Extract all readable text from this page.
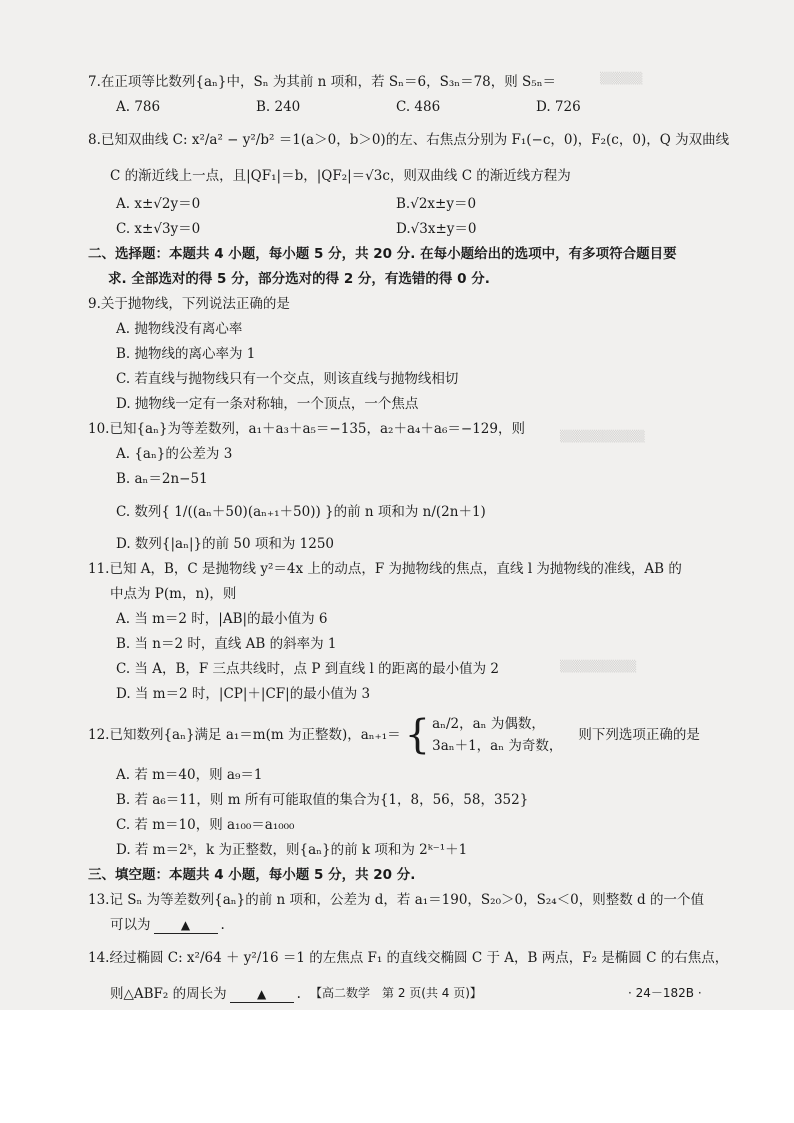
▒▒▒▒▒
▒▒▒▒▒▒▒▒▒▒
▒▒▒▒▒▒▒▒▒
7.在正项等比数列{aₙ}中，Sₙ 为其前 n 项和，若 Sₙ＝6，S₃ₙ＝78，则 S₅ₙ＝
A. 786	B. 240	C. 486	D. 726
8.已知双曲线 C: x²/a² − y²/b² ＝1(a＞0，b＞0)的左、右焦点分别为 F₁(−c，0)，F₂(c，0)，Q 为双曲线
C 的渐近线上一点，且|QF₁|＝b，|QF₂|＝√3c，则双曲线 C 的渐近线方程为
A. x±√2y＝0	B.√2x±y＝0
C. x±√3y＝0	D.√3x±y＝0
二、选择题：本题共 4 小题，每小题 5 分，共 20 分. 在每小题给出的选项中，有多项符合题目要
求. 全部选对的得 5 分，部分选对的得 2 分，有选错的得 0 分.
9.关于抛物线，下列说法正确的是
A. 抛物线没有离心率
B. 抛物线的离心率为 1
C. 若直线与抛物线只有一个交点，则该直线与抛物线相切
D. 抛物线一定有一条对称轴，一个顶点，一个焦点
10.已知{aₙ}为等差数列，a₁＋a₃＋a₅＝−135，a₂＋a₄＋a₆＝−129，则
A. {aₙ}的公差为 3
B. aₙ＝2n−51
C. 数列{ 1/((aₙ＋50)(aₙ₊₁＋50)) }的前 n 项和为 n/(2n＋1)
D. 数列{|aₙ|}的前 50 项和为 1250
11.已知 A，B，C 是抛物线 y²＝4x 上的动点，F 为抛物线的焦点，直线 l 为抛物线的准线，AB 的
中点为 P(m，n)，则
A. 当 m＝2 时，|AB|的最小值为 6
B. 当 n＝2 时，直线 AB 的斜率为 1
C. 当 A，B，F 三点共线时，点 P 到直线 l 的距离的最小值为 2
D. 当 m＝2 时，|CP|＋|CF|的最小值为 3
12.已知数列{aₙ}满足 a₁＝m(m 为正整数)，aₙ₊₁＝ { aₙ/2，aₙ 为偶数，
3aₙ＋1，aₙ 为奇数，
则下列选项正确的是
A. 若 m＝40，则 a₉＝1
B. 若 a₆＝11，则 m 所有可能取值的集合为{1，8，56，58，352}
C. 若 m＝10，则 a₁₀₀＝a₁₀₀₀
D. 若 m＝2ᵏ，k 为正整数，则{aₙ}的前 k 项和为 2ᵏ⁻¹＋1
三、填空题：本题共 4 小题，每小题 5 分，共 20 分.
13.记 Sₙ 为等差数列{aₙ}的前 n 项和，公差为 d，若 a₁＝190，S₂₀＞0，S₂₄＜0，则整数 d 的一个值
可以为	▲ .
14.经过椭圆 C: x²/64 ＋ y²/16 ＝1 的左焦点 F₁ 的直线交椭圆 C 于 A，B 两点，F₂ 是椭圆 C 的右焦点，
则△ABF₂ 的周长为	▲ . 【高二数学　第 2 页(共 4 页)】	· 24－182B ·
